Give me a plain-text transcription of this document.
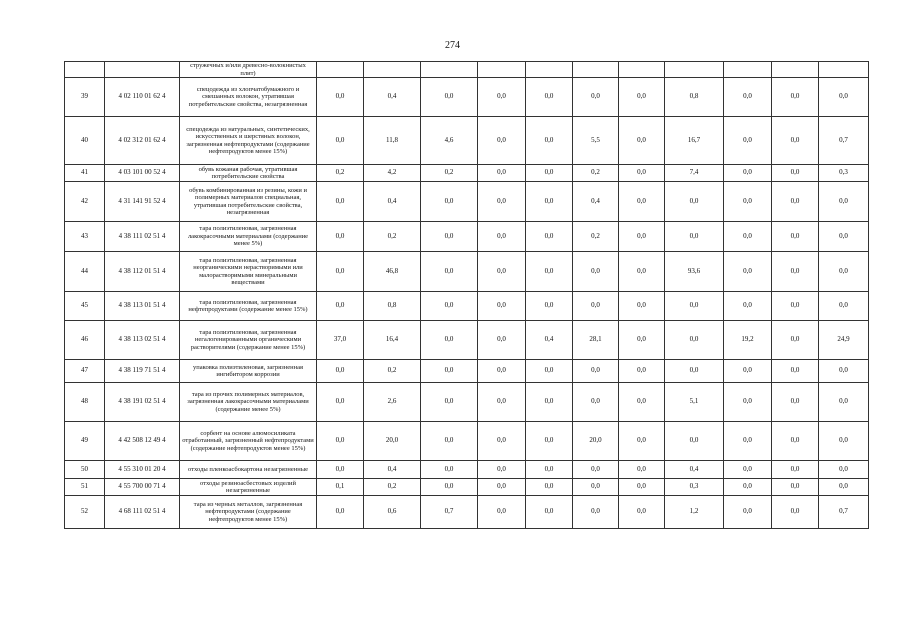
274
		стружечных и/или древесно-волокнистых плит)												
39	4 02 110 01 62 4	спецодежда из хлопчатобумажного и смешанных волокон, утратившая потребительские свойства, незагрязненная	0,0	0,4	0,0	0,0	0,0	0,0	0,0	0,8	0,0	0,0	0,0	
40	4 02 312 01 62 4	спецодежда из натуральных, синтетических, искусственных и шерстяных волокон, загрязненная нефтепродуктами (содержание нефтепродуктов менее 15%)	0,0	11,8	4,6	0,0	0,0	5,5	0,0	16,7	0,0	0,0	0,7	
41	4 03 101 00 52 4	обувь кожаная рабочая, утратившая потребительские свойства	0,2	4,2	0,2	0,0	0,0	0,2	0,0	7,4	0,0	0,0	0,3	
42	4 31 141 91 52 4	обувь комбинированная из резины, кожи и полимерных материалов специальная, утратившая потребительские свойства, незагрязненная	0,0	0,4	0,0	0,0	0,0	0,4	0,0	0,0	0,0	0,0	0,0	
43	4 38 111 02 51 4	тара полиэтиленовая, загрязненная лакокрасочными материалами (содержание менее 5%)	0,0	0,2	0,0	0,0	0,0	0,2	0,0	0,0	0,0	0,0	0,0	
44	4 38 112 01 51 4	тара полиэтиленовая, загрязненная неорганическими нерастворимыми или малорастворимыми минеральными веществами	0,0	46,8	0,0	0,0	0,0	0,0	0,0	93,6	0,0	0,0	0,0	
45	4 38 113 01 51 4	тара полиэтиленовая, загрязненная нефтепродуктами (содержание менее 15%)	0,0	0,8	0,0	0,0	0,0	0,0	0,0	0,0	0,0	0,0	0,0	
46	4 38 113 02 51 4	тара полиэтиленовая, загрязненная негалогенированными органическими растворителями (содержание менее 15%)	37,0	16,4	0,0	0,0	0,4	28,1	0,0	0,0	19,2	0,0	24,9	
47	4 38 119 71 51 4	упаковка полиэтиленовая, загрязненная ингибитором коррозии	0,0	0,2	0,0	0,0	0,0	0,0	0,0	0,0	0,0	0,0	0,0	
48	4 38 191 02 51 4	тара из прочих полимерных материалов, загрязненная лакокрасочными материалами (содержание менее 5%)	0,0	2,6	0,0	0,0	0,0	0,0	0,0	5,1	0,0	0,0	0,0	
49	4 42 508 12 49 4	сорбент на основе алюмосиликата отработанный, загрязненный нефтепродуктами (содержание нефтепродуктов менее 15%)	0,0	20,0	0,0	0,0	0,0	20,0	0,0	0,0	0,0	0,0	0,0	
50	4 55 310 01 20 4	отходы пленкоасбокартона незагрязненные	0,0	0,4	0,0	0,0	0,0	0,0	0,0	0,4	0,0	0,0	0,0	
51	4 55 700 00 71 4	отходы резиноасбестовых изделий незагрязненные	0,1	0,2	0,0	0,0	0,0	0,0	0,0	0,3	0,0	0,0	0,0	
52	4 68 111 02 51 4	тара из черных металлов, загрязненная нефтепродуктами (содержание нефтепродуктов менее 15%)	0,0	0,6	0,7	0,0	0,0	0,0	0,0	1,2	0,0	0,0	0,7	
